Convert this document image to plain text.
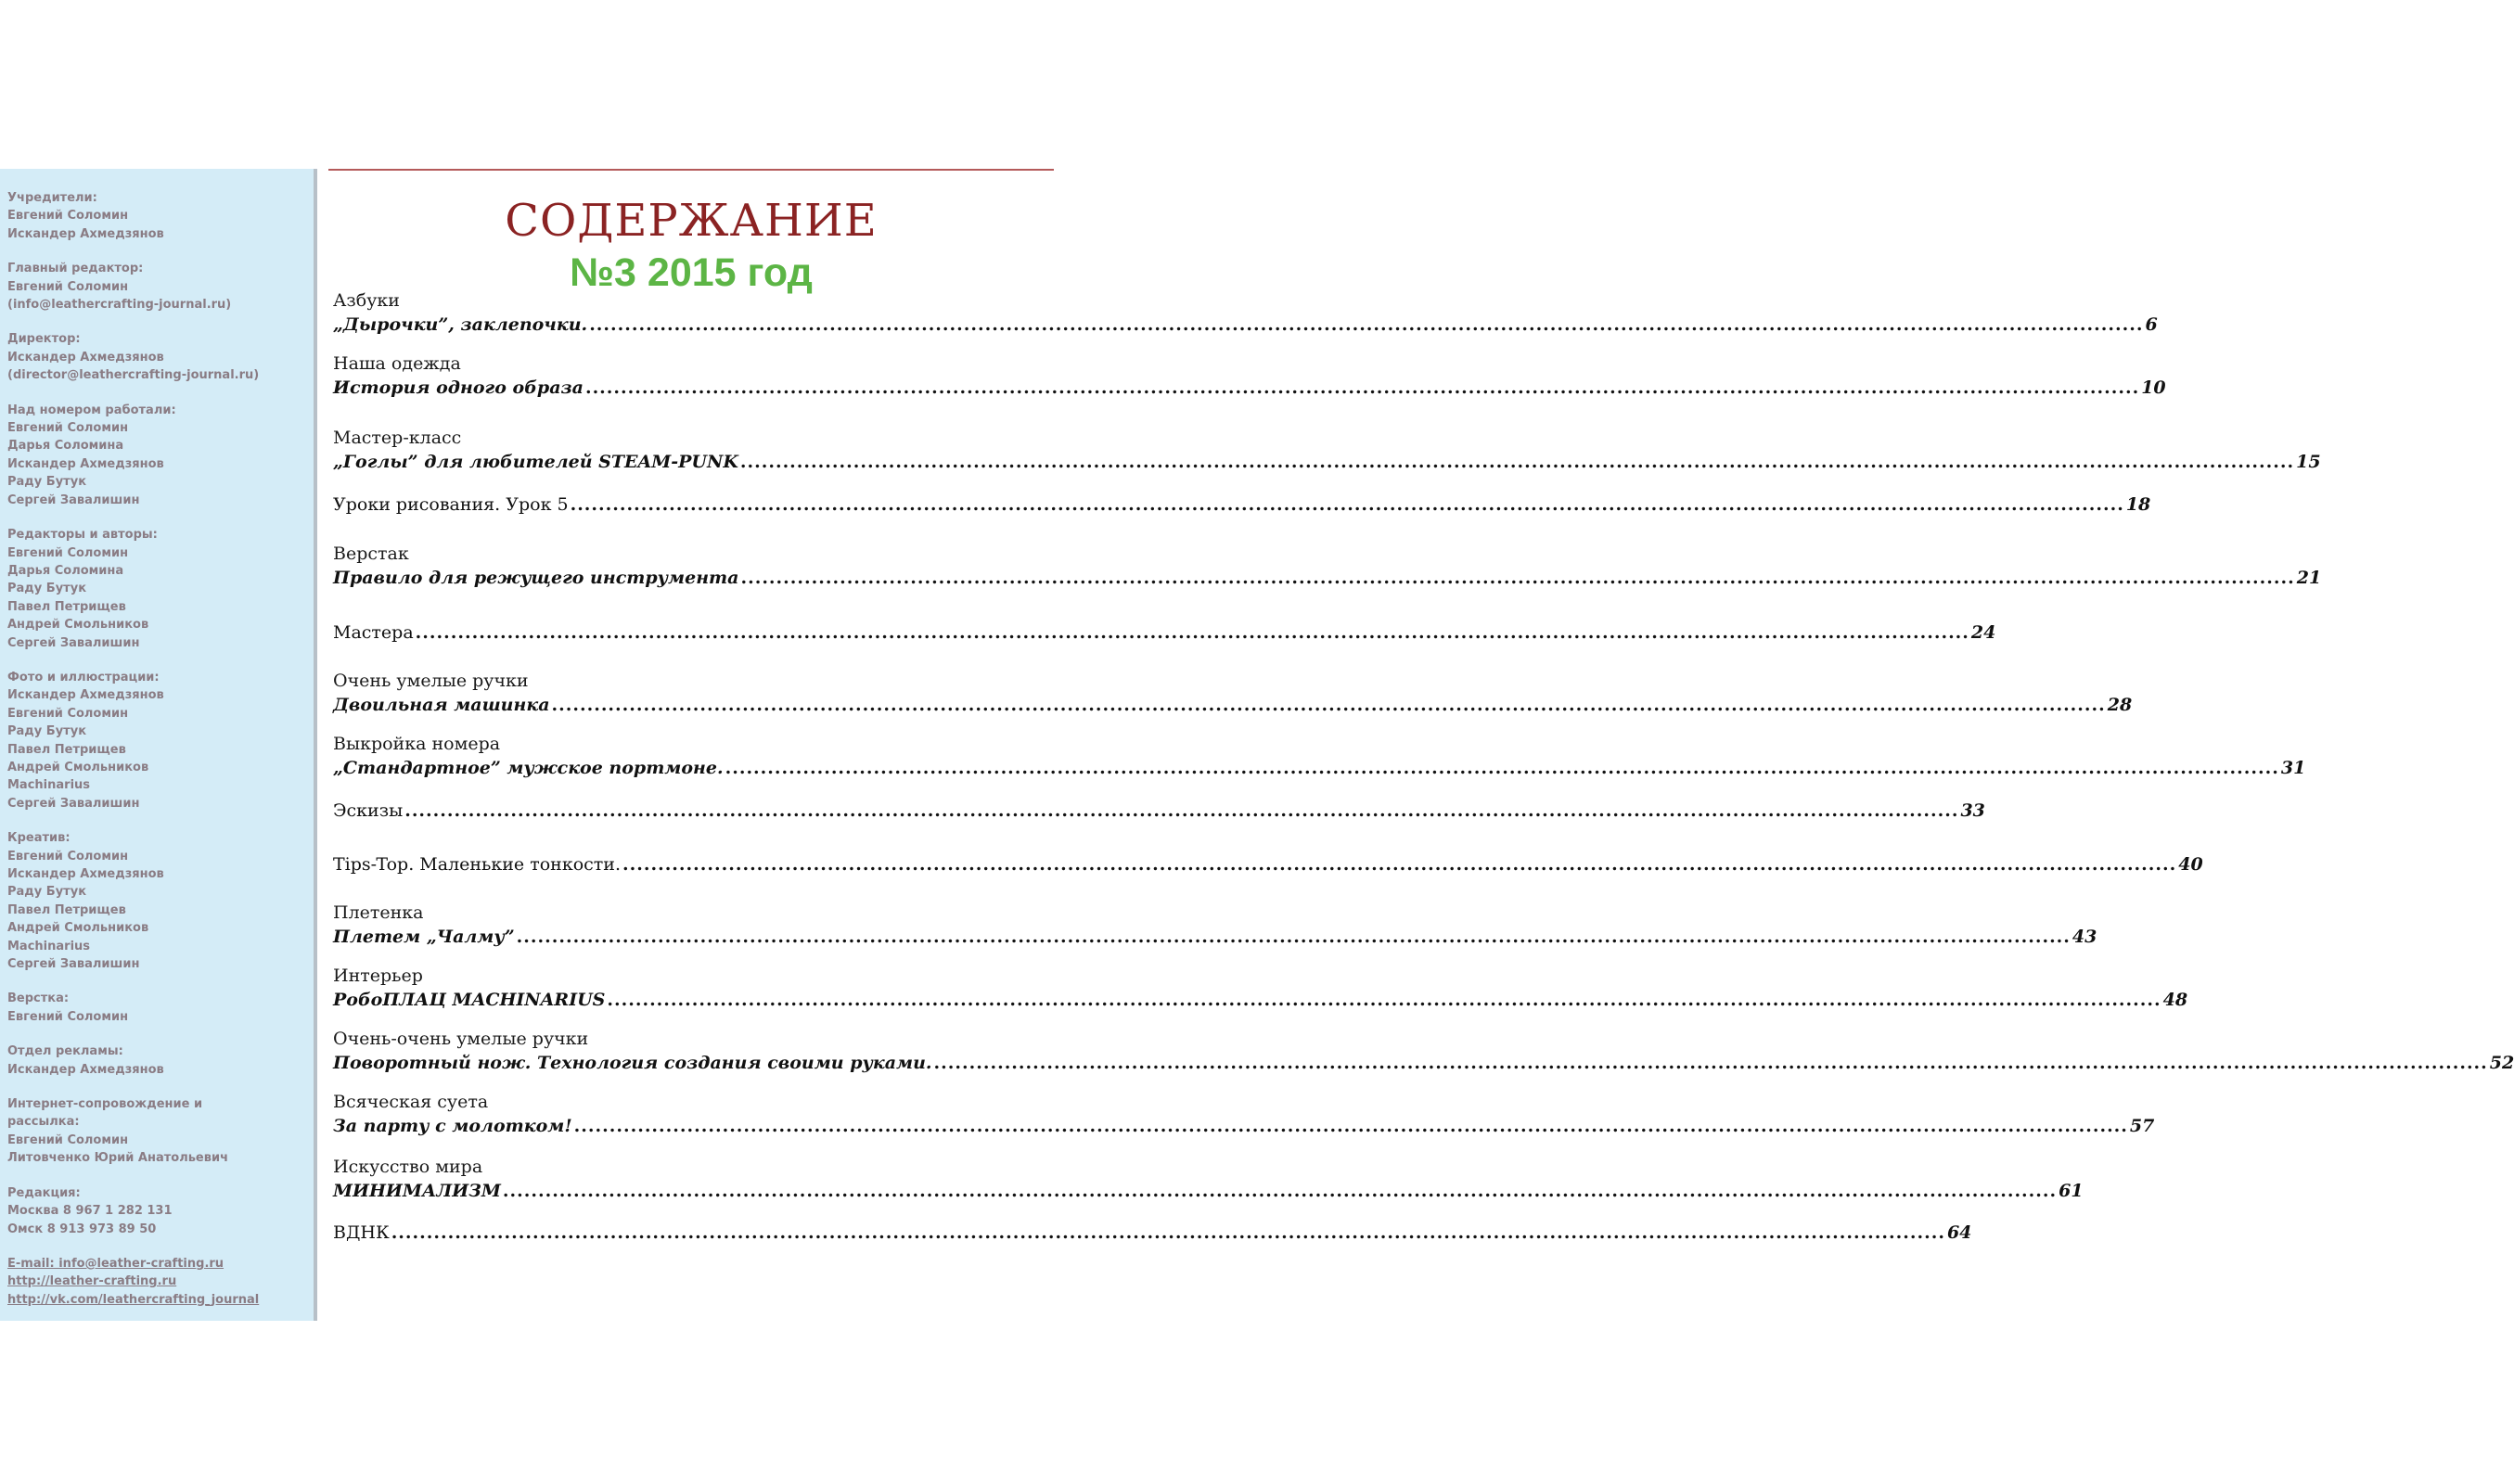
Учредители:
Евгений Соломин
Искандер Ахмедзянов
Главный редактор:
Евгений Соломин
(info@leathercrafting-journal.ru)
Директор:
Искандер Ахмедзянов
(director@leathercrafting-journal.ru)
Над номером работали:
Евгений Соломин
Дарья Соломина
Искандер Ахмедзянов
Раду Бутук
Сергей Завалишин
Редакторы и авторы:
Евгений Соломин
Дарья Соломина
Раду Бутук
Павел Петрищев
Андрей Смольников
Сергей Завалишин
Фото и иллюстрации:
Искандер Ахмедзянов
Евгений Соломин
Раду Бутук
Павел Петрищев
Андрей Смольников
Machinarius
Сергей Завалишин
Креатив:
Евгений Соломин
Искандер Ахмедзянов
Раду Бутук
Павел Петрищев
Андрей Смольников
Machinarius
Сергей Завалишин
Верстка:
Евгений Соломин
Отдел рекламы:
Искандер Ахмедзянов
Интернет-сопровождение и
рассылка:
Евгений Соломин
Литовченко Юрий Анатольевич
Редакция:
Москва 8 967 1 282 131
Омск 8 913 973 89 50
E-mail: info@leather-crafting.ru
http://leather-crafting.ru
http://vk.com/leathercrafting_journal
СОДЕРЖАНИЕ
№3 2015 год
Азбуки
„Дырочки”, заклепочки. ............................................................................................................................................................................................................................ 6
Наша одежда
История одного образа ............................................................................................................................................................................................................................ 10
Мастер-класс
„Гоглы” для любителей STEAM-PUNK ............................................................................................................................................................................................................................ 15
Уроки рисования. Урок 5 ............................................................................................................................................................................................................................ 18
Верстак
Правило для режущего инструмента ............................................................................................................................................................................................................................ 21
Мастера ............................................................................................................................................................................................................................ 24
Очень умелые ручки
Двоильная машинка ............................................................................................................................................................................................................................ 28
Выкройка номера
„Стандартное” мужское портмоне. ............................................................................................................................................................................................................................ 31
Эскизы ............................................................................................................................................................................................................................ 33
Tips-Top. Маленькие тонкости. ............................................................................................................................................................................................................................ 40
Плетенка
Плетем „Чалму” ............................................................................................................................................................................................................................ 43
Интерьер
РобоПЛАЦ MACHINARIUS ............................................................................................................................................................................................................................ 48
Очень-очень умелые ручки
Поворотный нож. Технология создания своими руками. ............................................................................................................................................................................................................................ 52
Всяческая суета
За парту с молотком! ............................................................................................................................................................................................................................ 57
Искусство мира
МИНИМАЛИЗМ ............................................................................................................................................................................................................................ 61
ВДНК ............................................................................................................................................................................................................................ 64
